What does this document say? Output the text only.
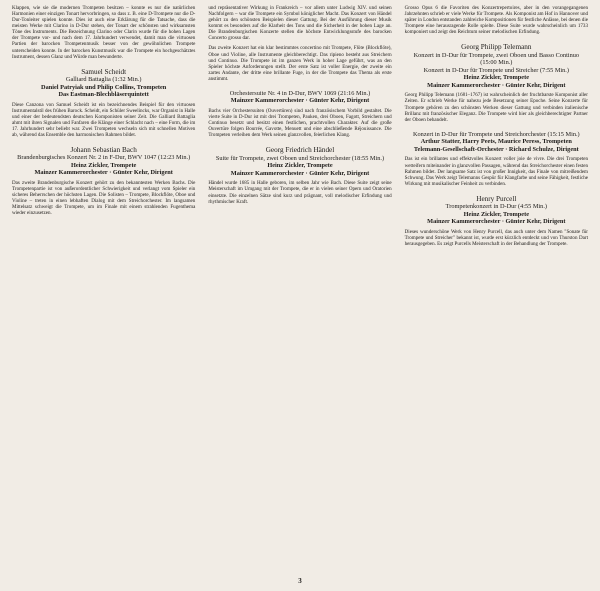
Klappen, wie sie die modernen Trompeten besitzen – konnte es nur die natürlichen Harmonien einer einzigen Tonart hervorbringen, so dass z. B. eine D-Trompete nur die D-Dur-Tonleiter spielen konnte. Dies ist auch eine Erklärung für die Tatsache, dass die meisten Werke mit Clarino in D-Dur stehen, der Tonart der schönsten und wirksamsten Töne des Instruments. Die Bezeichnung Clarino oder Clarin wurde für die hohen Lagen der Trompete vor- und nach dem 17. Jahrhundert verwendet, damit man die virtuosen Partien der barocken Trompetenmusik besser von der gewöhnlichen Trompete unterscheiden konnte. In der barocken Kunstmusik war die Trompete ein hochgeschätztes Instrument, dessen Glanz und Würde man bewunderte.

Samuel Scheidt
Galliard Battaglia (1:32 Min.)
Daniel Patryiak und Philip Collins, Trompeten
Das Eastman-Blechbläserquintett

Diese Canzona von Samuel Scheidt ist ein bezeichnendes Beispiel für den virtuosen Instrumentalstil des frühen Barock. Scheidt, ein Schüler Sweelincks, war Organist in Halle und einer der bedeutendsten deutschen Komponisten seiner Zeit. Die Galliard Battaglia ahmt mit ihren Signalen und Fanfaren die Klänge einer Schlacht nach – eine Form, die im 17. Jahrhundert sehr beliebt war. Zwei Trompeten wechseln sich mit schnellen Motiven ab, während das Ensemble den harmonischen Rahmen bildet.

Johann Sebastian Bach
Brandenburgisches Konzert Nr. 2 in F-Dur, BWV 1047 (12:23 Min.)
Heinz Zickler, Trompete
Mainzer Kammerorchester · Günter Kehr, Dirigent

Das zweite Brandenburgische Konzert gehört zu den bekanntesten Werken Bachs. Die Trompetenpartie ist von außerordentlicher Schwierigkeit und verlangt vom Spieler ein sicheres Beherrschen der höchsten Lagen. Die Solisten – Trompete, Blockflöte, Oboe und Violine – treten in einen lebhaften Dialog mit dem Streichorchester. Im langsamen Mittelsatz schweigt die Trompete, um im Finale mit einem strahlenden Fugenthema wieder einzusetzen.

und repräsentativer Wirkung in Frankreich – vor allem unter Ludwig XIV. und seinen Nachfolgern – war die Trompete ein Symbol königlicher Macht. Das Konzert von Händel gehört zu den schönsten Beispielen dieser Gattung. Bei der Ausführung dieser Musik kommt es besonders auf die Klarheit des Tons und die Sicherheit in der hohen Lage an. Die Brandenburgischen Konzerte stellen die höchste Entwicklungsstufe des barocken Concerto grosso dar.

Das zweite Konzert hat ein klar bestimmtes concertino mit Trompete, Flöte (Blockflöte), Oboe und Violine, alle Instrumente gleichberechtigt. Das ripieno besteht aus Streichern und Continuo. Die Trompete ist im ganzen Werk in hoher Lage geführt, was an den Spieler höchste Anforderungen stellt. Der erste Satz ist voller Energie, der zweite ein zartes Andante, der dritte eine brillante Fuge, in der die Trompete das Thema als erste anstimmt.

Orchestersuite Nr. 4 in D-Dur, BWV 1069 (21:16 Min.)
Mainzer Kammerorchester · Günter Kehr, Dirigent

Bachs vier Orchestersuiten (Ouvertüren) sind nach französischem Vorbild gestaltet. Die vierte Suite in D-Dur ist mit drei Trompeten, Pauken, drei Oboen, Fagott, Streichern und Continuo besetzt und besitzt einen festlichen, prachtvollen Charakter. Auf die große Ouvertüre folgen Bourrée, Gavotte, Menuett und eine abschließende Réjouissance. Die Trompeten verleihen dem Werk seinen glanzvollen, feierlichen Klang.

Georg Friedrich Händel
Suite für Trompete, zwei Oboen und Streichorchester (18:55 Min.)
Heinz Zickler, Trompete
Mainzer Kammerorchester · Günter Kehr, Dirigent

Händel wurde 1685 in Halle geboren, im selben Jahr wie Bach. Diese Suite zeigt seine Meisterschaft im Umgang mit der Trompete, die er in vielen seiner Opern und Oratorien einsetzte. Die einzelnen Sätze sind kurz und prägnant, voll melodischer Erfindung und rhythmischer Kraft.

Grosso Opus 6 die Favoriten des Konzertrepertoires, aber in den vorangegangenen Jahrzehnten schrieb er viele Werke für Trompete. Als Komponist am Hof in Hannover und später in London entstanden zahlreiche Kompositionen für festliche Anlässe, bei denen die Trompete eine herausragende Rolle spielte. Diese Suite wurde wahrscheinlich um 1733 komponiert und zeigt den Reichtum seiner melodischen Erfindung.

Georg Philipp Telemann
Konzert in D-Dur für Trompete, zwei Oboen und Basso Continuo (15:00 Min.)
Konzert in D-Dur für Trompete und Streicher (7:55 Min.)
Heinz Zickler, Trompete
Mainzer Kammerorchester · Günter Kehr, Dirigent

Georg Philipp Telemann (1681–1767) ist wahrscheinlich der fruchtbarste Komponist aller Zeiten. Er schrieb Werke für nahezu jede Besetzung seiner Epoche. Seine Konzerte für Trompete gehören zu den schönsten Werken dieser Gattung und verbinden italienische Brillanz mit französischer Eleganz. Die Trompete wird hier als gleichberechtigter Partner der Oboen behandelt.

Konzert in D-Dur für Trompete und Streichorchester (15:15 Min.)
Arthur Statter, Harry Peets, Maurice Peress, Trompeten
Telemann-Gesellschaft-Orchester · Richard Schulze, Dirigent

Das ist ein brillantes und effektvolles Konzert voller joie de vivre. Die drei Trompeten wetteifern miteinander in glanzvollen Passagen, während das Streichorchester einen festen Rahmen bildet. Der langsame Satz ist von großer Innigkeit, das Finale von mitreißendem Schwung. Das Werk zeigt Telemanns Gespür für Klangfarbe und seine Fähigkeit, festliche Wirkung mit musikalischer Feinheit zu verbinden.

Henry Purcell
Trompetenkonzert in D-Dur (4:55 Min.)
Heinz Zickler, Trompete
Mainzer Kammerorchester · Günter Kehr, Dirigent

Dieses wunderschöne Werk von Henry Purcell, das auch unter dem Namen "Sonate für Trompete und Streicher" bekannt ist, wurde erst kürzlich entdeckt und von Thurston Dart herausgegeben. Es zeigt Purcells Meisterschaft in der Behandlung der Trompete.

3
